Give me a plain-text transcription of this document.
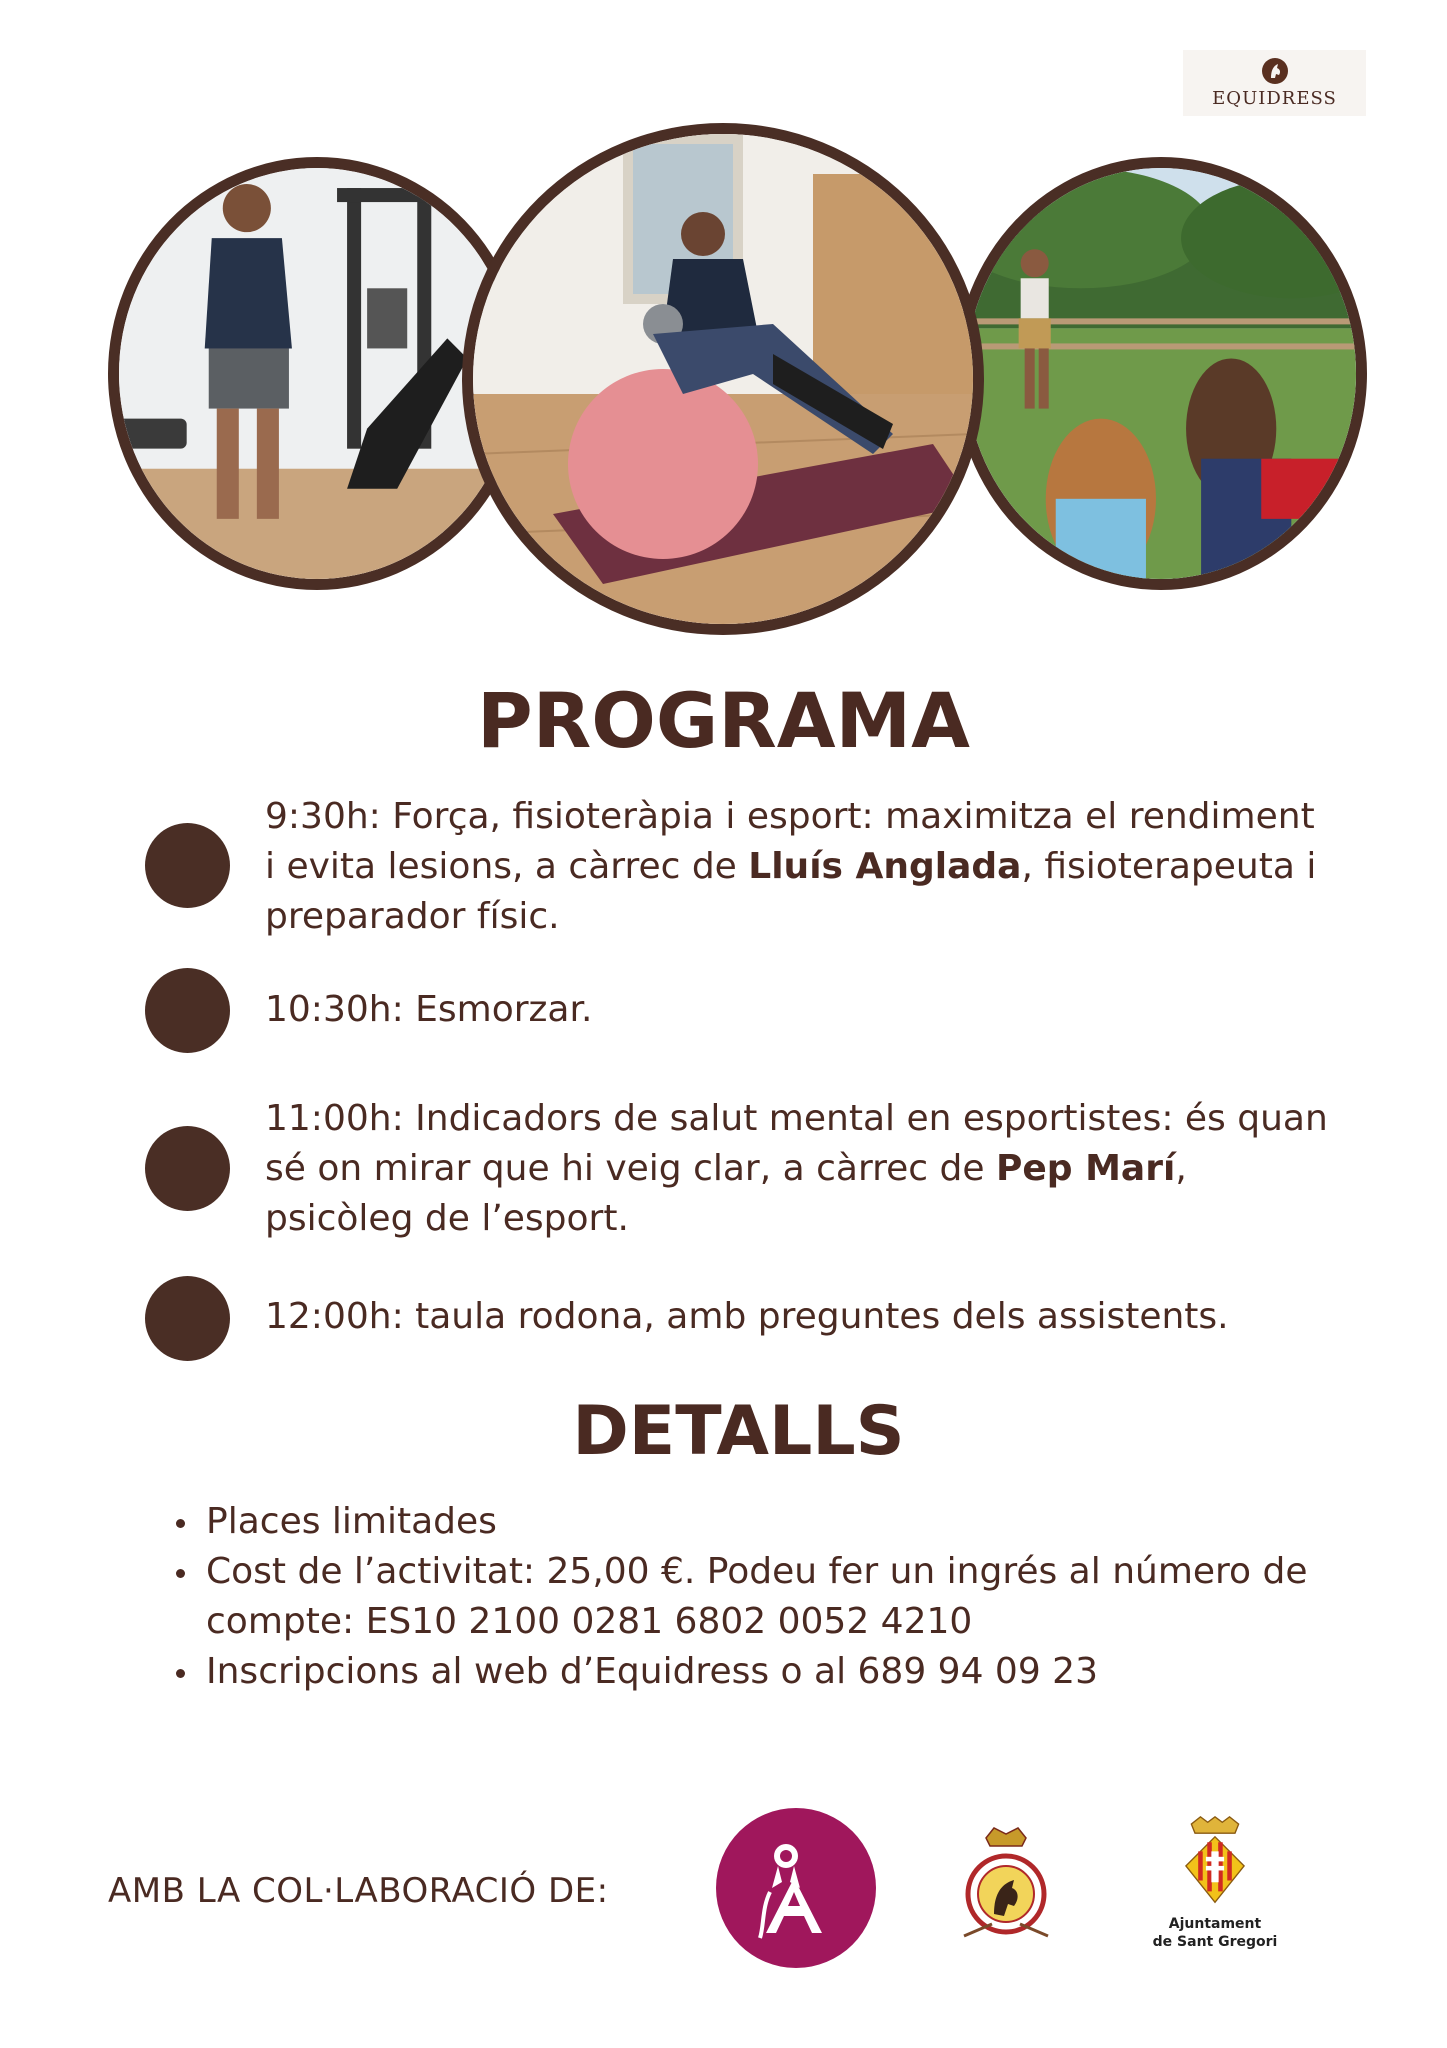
EQUIDRESS
PROGRAMA

9:30h: Força, fisioteràpia i esport: maximitza el rendiment i evita lesions, a càrrec de Lluís Anglada, fisioterapeuta i preparador físic.

10:30h: Esmorzar.

11:00h: Indicadors de salut mental en esportistes: és quan sé on mirar que hi veig clar, a càrrec de Pep Marí, psicòleg de l’esport.

12:00h: taula rodona, amb preguntes dels assistents.

DETALLS
Places limitades
Cost de l’activitat: 25,00 €. Podeu fer un ingrés al número de compte: ES10 2100 0281 6802 0052 4210
Inscripcions al web d’Equidress o al 689 94 09 23
AMB LA COL·LABORACIÓ DE:
Ajuntament
de Sant Gregori
